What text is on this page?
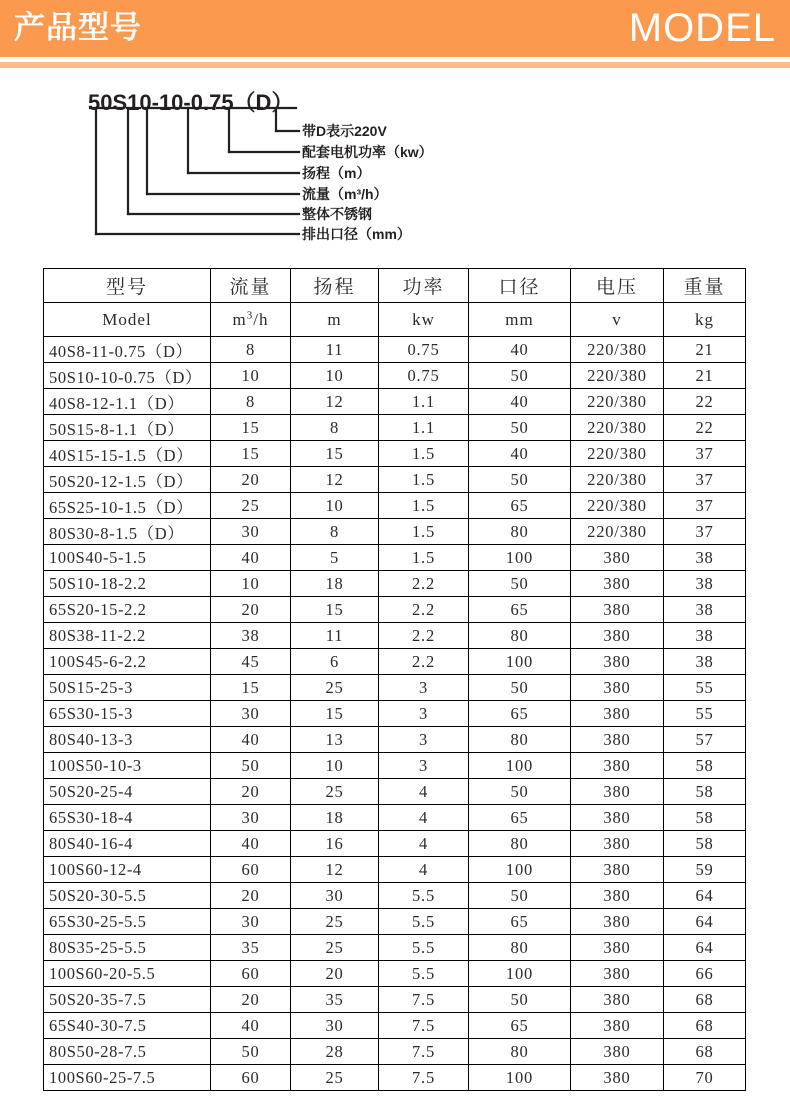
产品型号	MODEL
50S10-10-0.75（D）
带D表示220V
配套电机功率（kw）
扬程（m）
流量（m³/h）
整体不锈钢
排出口径（mm）
型号	流量	扬程	功率	口径	电压	重量
Model	$m^3/h$	m	kw	mm	v	kg
40S8-11-0.75（D）	8	11	0.75	40	220/380	21
50S10-10-0.75（D）	10	10	0.75	50	220/380	21
40S8-12-1.1（D）	8	12	1.1	40	220/380	22
50S15-8-1.1（D）	15	8	1.1	50	220/380	22
40S15-15-1.5（D）	15	15	1.5	40	220/380	37
50S20-12-1.5（D）	20	12	1.5	50	220/380	37
65S25-10-1.5（D）	25	10	1.5	65	220/380	37
80S30-8-1.5（D）	30	8	1.5	80	220/380	37
100S40-5-1.5	40	5	1.5	100	380	38
50S10-18-2.2	10	18	2.2	50	380	38
65S20-15-2.2	20	15	2.2	65	380	38
80S38-11-2.2	38	11	2.2	80	380	38
100S45-6-2.2	45	6	2.2	100	380	38
50S15-25-3	15	25	3	50	380	55
65S30-15-3	30	15	3	65	380	55
80S40-13-3	40	13	3	80	380	57
100S50-10-3	50	10	3	100	380	58
50S20-25-4	20	25	4	50	380	58
65S30-18-4	30	18	4	65	380	58
80S40-16-4	40	16	4	80	380	58
100S60-12-4	60	12	4	100	380	59
50S20-30-5.5	20	30	5.5	50	380	64
65S30-25-5.5	30	25	5.5	65	380	64
80S35-25-5.5	35	25	5.5	80	380	64
100S60-20-5.5	60	20	5.5	100	380	66
50S20-35-7.5	20	35	7.5	50	380	68
65S40-30-7.5	40	30	7.5	65	380	68
80S50-28-7.5	50	28	7.5	80	380	68
100S60-25-7.5	60	25	7.5	100	380	70
